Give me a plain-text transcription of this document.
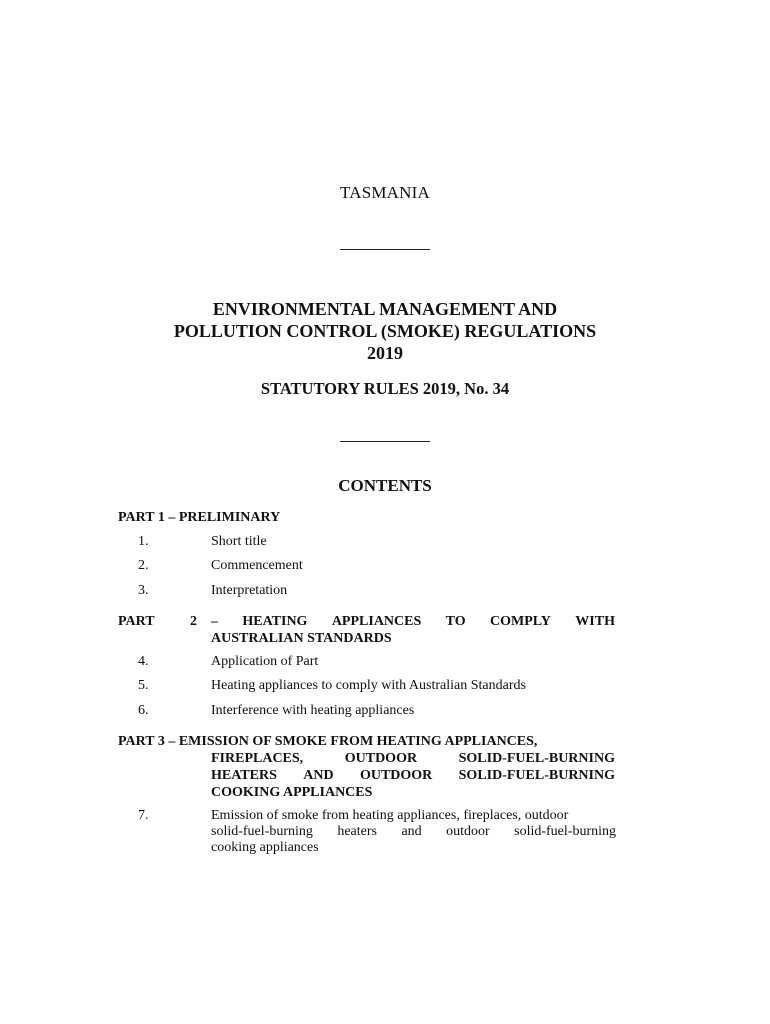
TASMANIA
ENVIRONMENTAL MANAGEMENT AND
POLLUTION CONTROL (SMOKE) REGULATIONS
2019
STATUTORY RULES 2019, No. 34
CONTENTS
PART 1 – PRELIMINARY
1.	Short title
2.	Commencement
3.	Interpretation
PART	2 – HEATING APPLIANCES TO COMPLY WITH
AUSTRALIAN STANDARDS
4.	Application of Part
5.	Heating appliances to comply with Australian Standards
6.	Interference with heating appliances
PART 3 – EMISSION OF SMOKE FROM HEATING APPLIANCES,
FIREPLACES,	OUTDOOR	SOLID-FUEL-BURNING
HEATERS AND OUTDOOR SOLID-FUEL-BURNING
COOKING APPLIANCES
7.	Emission of smoke from heating appliances, fireplaces, outdoor
solid-fuel-burning heaters and outdoor solid-fuel-burning
cooking appliances
